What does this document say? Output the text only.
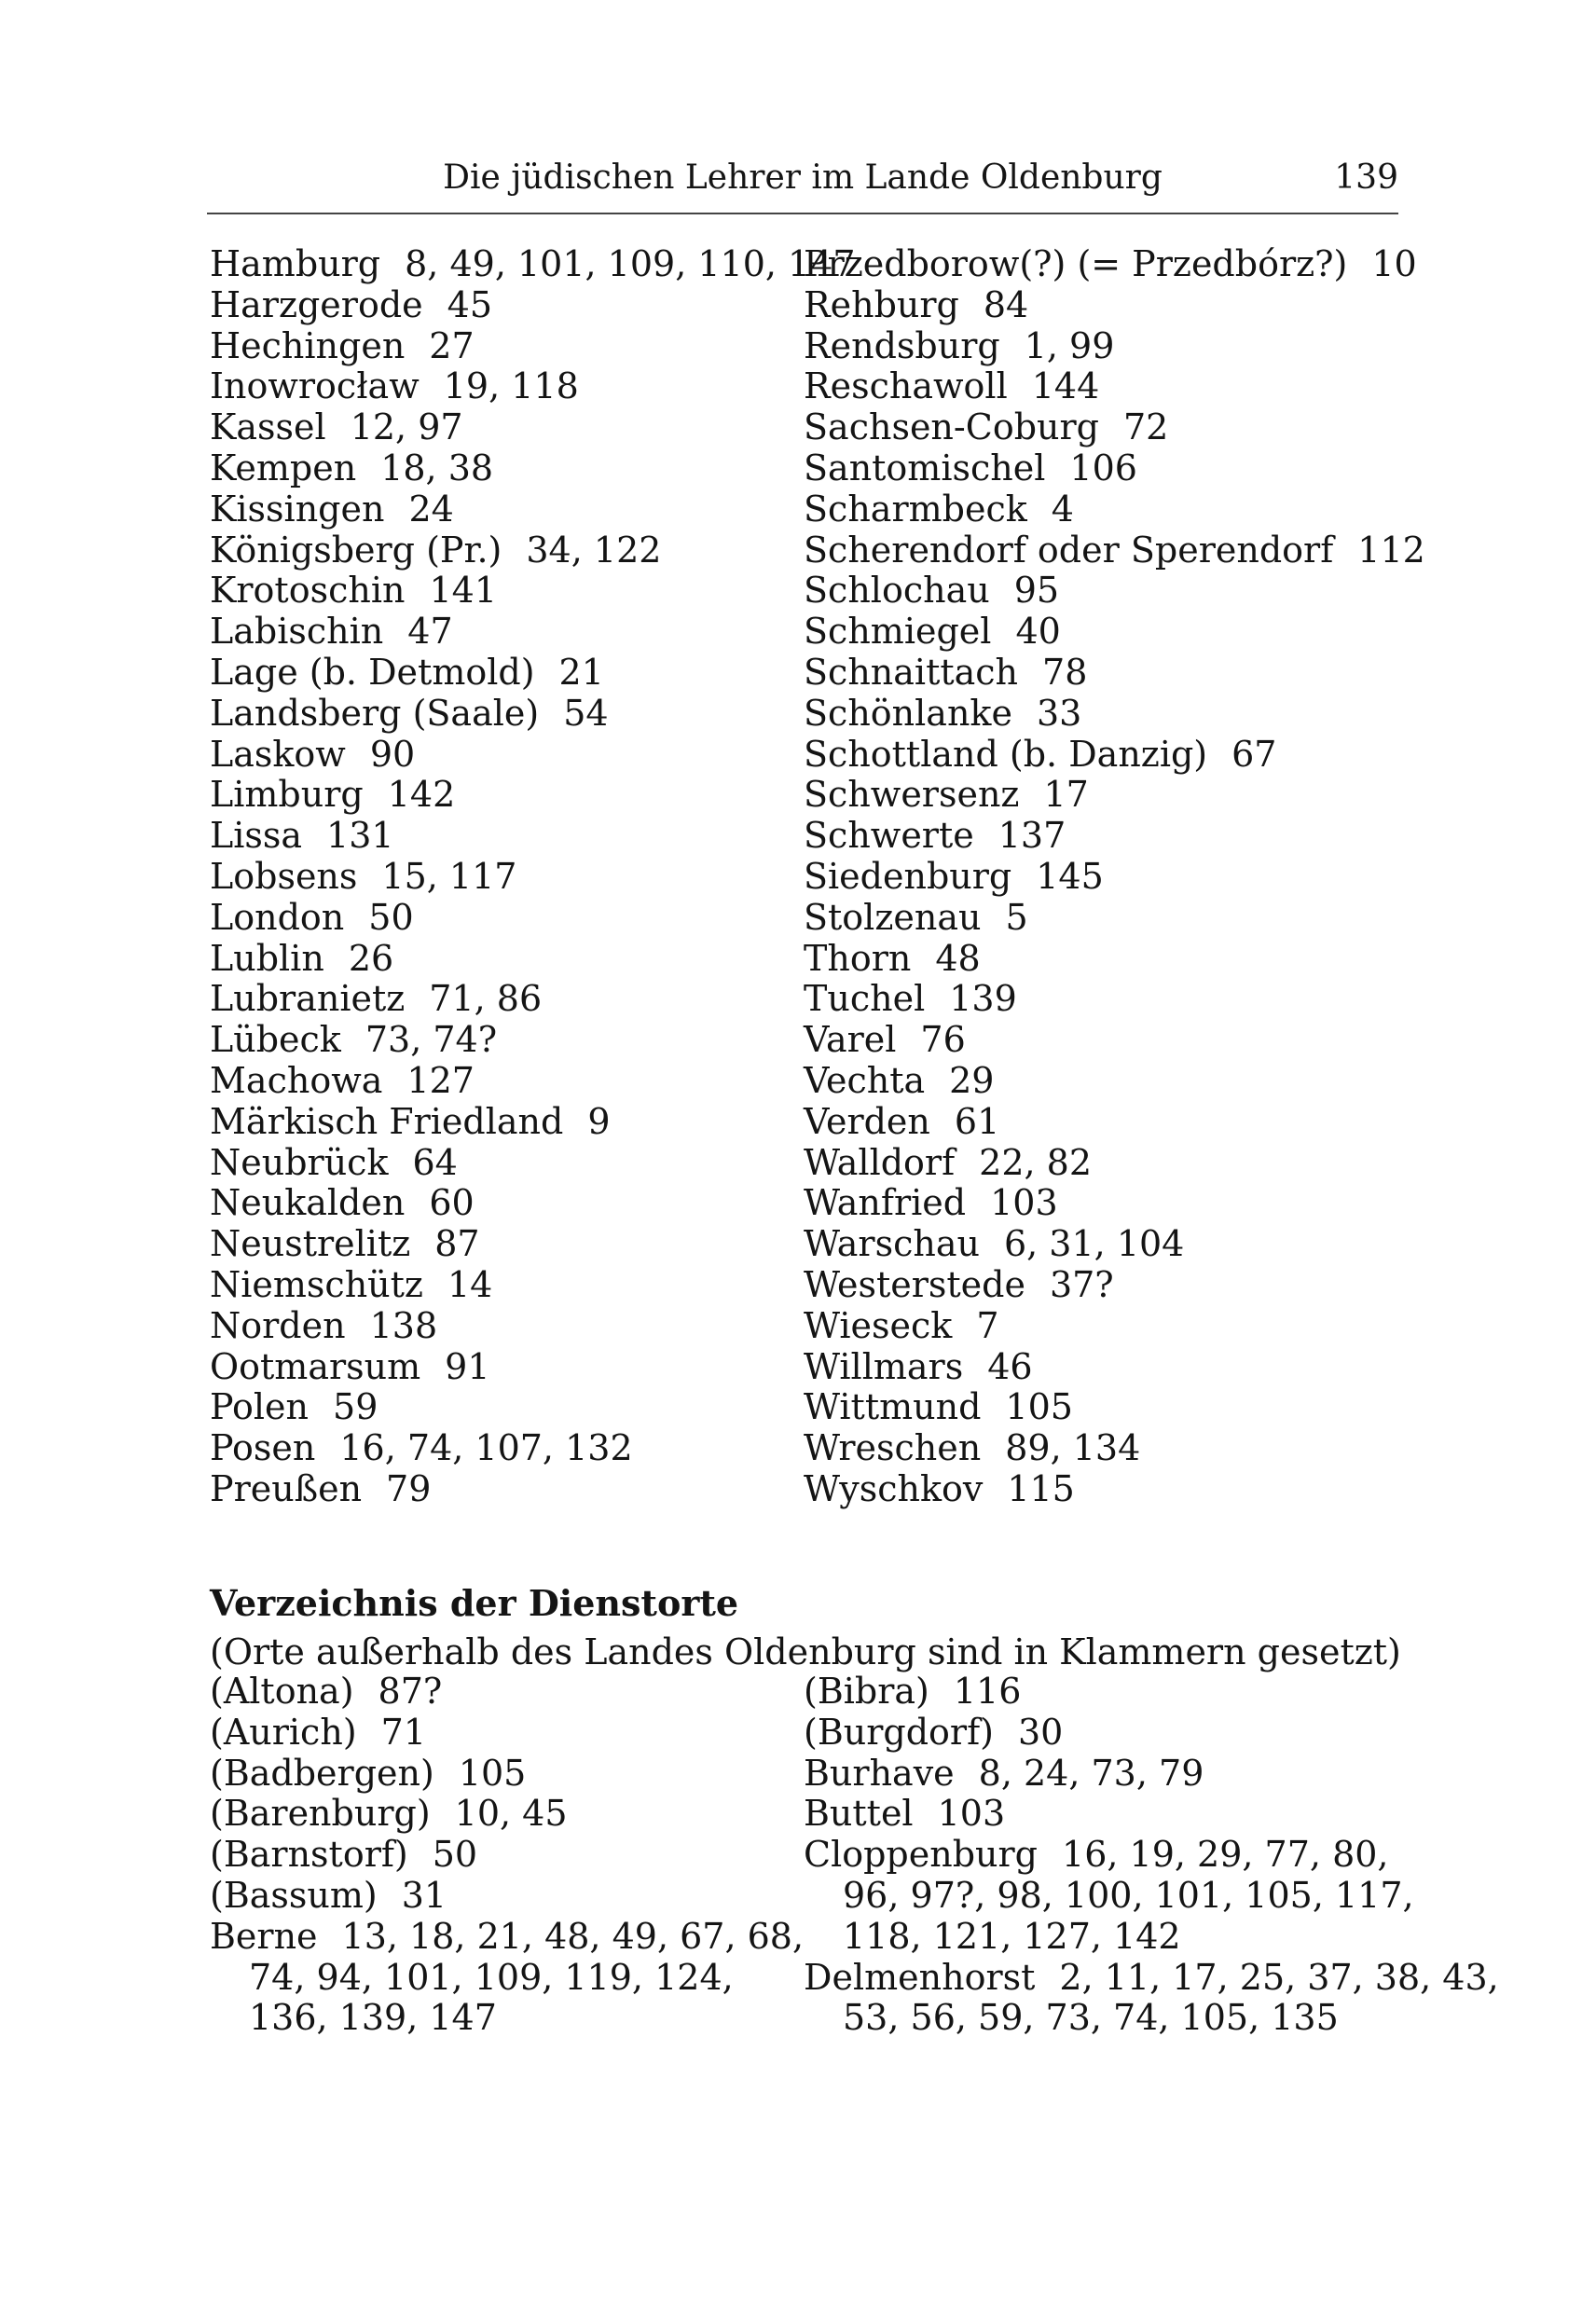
Die jüdischen Lehrer im Lande Oldenburg	139
Hamburg 8, 49, 101, 109, 110, 147
Harzgerode 45
Hechingen 27
Inowrocław 19, 118
Kassel 12, 97
Kempen 18, 38
Kissingen 24
Königsberg (Pr.) 34, 122
Krotoschin 141
Labischin 47
Lage (b. Detmold) 21
Landsberg (Saale) 54
Laskow 90
Limburg 142
Lissa 131
Lobsens 15, 117
London 50
Lublin 26
Lubranietz 71, 86
Lübeck 73, 74?
Machowa 127
Märkisch Friedland 9
Neubrück 64
Neukalden 60
Neustrelitz 87
Niemschütz 14
Norden 138
Ootmarsum 91
Polen 59
Posen 16, 74, 107, 132
Preußen 79
Przedborow(?) (= Przedbórz?) 10
Rehburg 84
Rendsburg 1, 99
Reschawoll 144
Sachsen-Coburg 72
Santomischel 106
Scharmbeck 4
Scherendorf oder Sperendorf 112
Schlochau 95
Schmiegel 40
Schnaittach 78
Schönlanke 33
Schottland (b. Danzig) 67
Schwersenz 17
Schwerte 137
Siedenburg 145
Stolzenau 5
Thorn 48
Tuchel 139
Varel 76
Vechta 29
Verden 61
Walldorf 22, 82
Wanfried 103
Warschau 6, 31, 104
Westerstede 37?
Wieseck 7
Willmars 46
Wittmund 105
Wreschen 89, 134
Wyschkov 115
Verzeichnis der Dienstorte
(Orte außerhalb des Landes Oldenburg sind in Klammern gesetzt)
(Altona) 87?
(Aurich) 71
(Badbergen) 105
(Barenburg) 10, 45
(Barnstorf) 50
(Bassum) 31
Berne 13, 18, 21, 48, 49, 67, 68,
74, 94, 101, 109, 119, 124,
136, 139, 147
(Bibra) 116
(Burgdorf) 30
Burhave 8, 24, 73, 79
Buttel 103
Cloppenburg 16, 19, 29, 77, 80,
96, 97?, 98, 100, 101, 105, 117,
118, 121, 127, 142
Delmenhorst 2, 11, 17, 25, 37, 38, 43,
53, 56, 59, 73, 74, 105, 135
